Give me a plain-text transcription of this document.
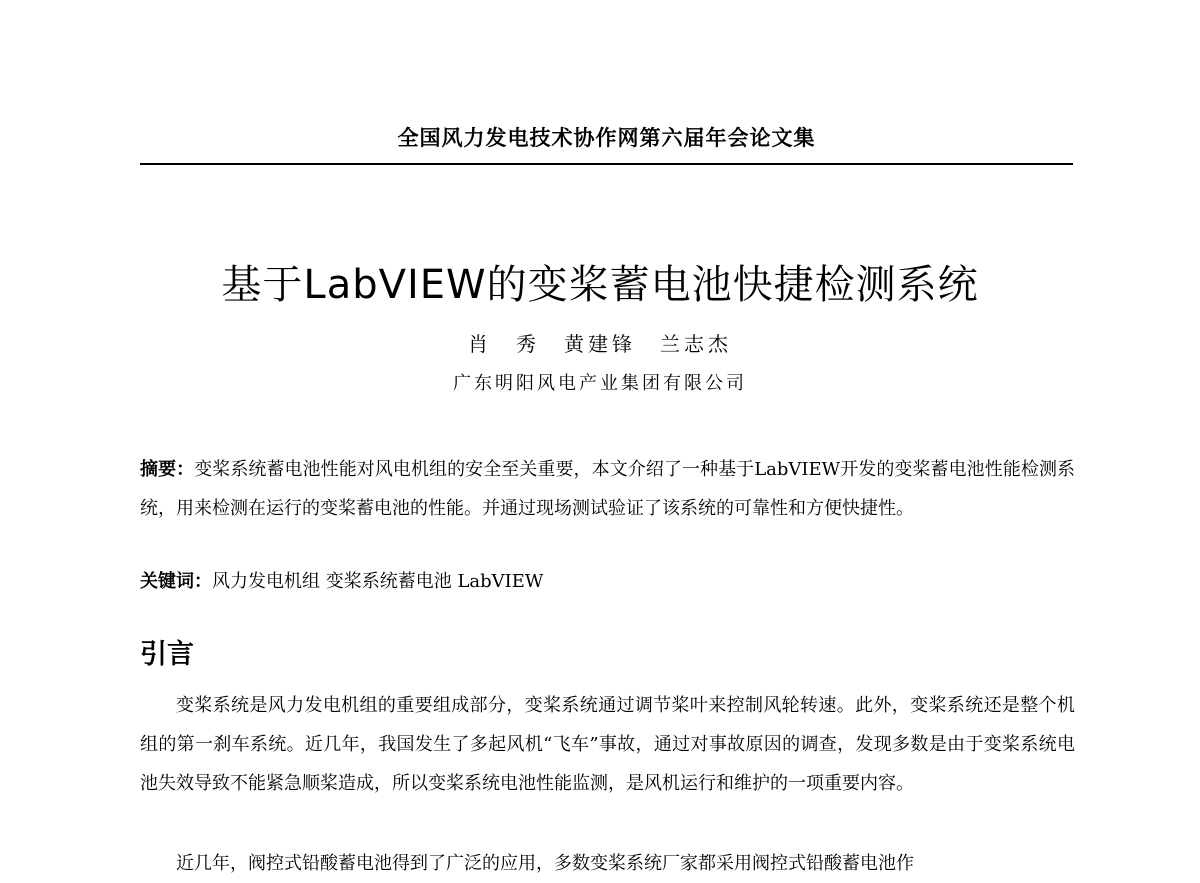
全国风力发电技术协作网第六届年会论文集
基于LabVIEW的变桨蓄电池快捷检测系统
肖　秀　黄建锋　兰志杰
广东明阳风电产业集团有限公司

摘要：变桨系统蓄电池性能对风电机组的安全至关重要，本文介绍了一种基于LabVIEW开发的变桨蓄电池性能检测系统，用来检测在运行的变桨蓄电池的性能。并通过现场测试验证了该系统的可靠性和方便快捷性。

关键词：风力发电机组 变桨系统蓄电池 LabVIEW

引言

变桨系统是风力发电机组的重要组成部分，变桨系统通过调节桨叶来控制风轮转速。此外，变桨系统还是整个机组的第一刹车系统。近几年，我国发生了多起风机“飞车”事故，通过对事故原因的调查，发现多数是由于变桨系统电池失效导致不能紧急顺桨造成，所以变桨系统电池性能监测，是风机运行和维护的一项重要内容。

近几年，阀控式铅酸蓄电池得到了广泛的应用，多数变桨系统厂家都采用阀控式铅酸蓄电池作
